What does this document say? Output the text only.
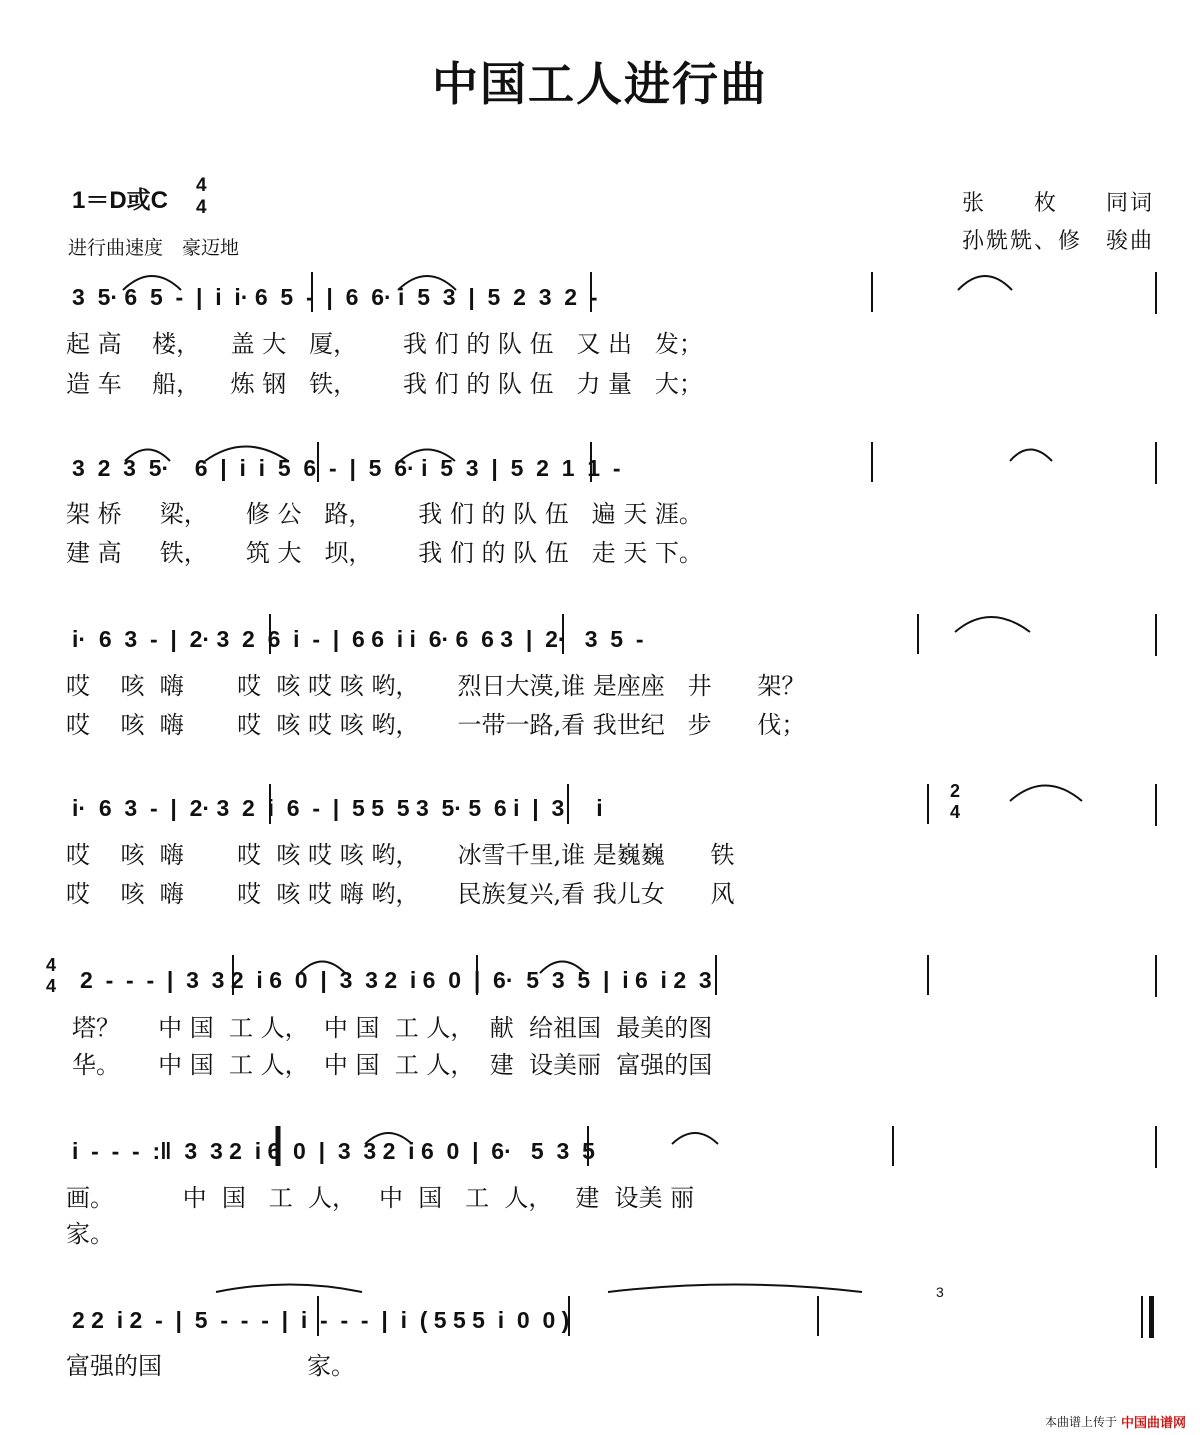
中国工人进行曲
1＝D或C
4
4
进行曲速度　豪迈地
张　　枚　　同词
孙兟兟、修　骏曲
3  5· 6  5  -  |  i  i· 6  5  -  |  6  6· i  5  3  |  5  2  3  2  -
起 高    楼，    盖 大   厦，      我 们 的 队 伍   又 出   发；
造 车    船，    炼 钢   铁，      我 们 的 队 伍   力 量   大；
3  2  3  5·    6  |  i  i  5  6  -  |  5  6· i  5  3  |  5  2  1  1  -
架 桥     梁，     修 公   路，      我 们 的 队 伍   遍 天 涯。
建 高     铁，     筑 大   坝，      我 们 的 队 伍   走 天 下。
i·  6  3  -  |  2· 3  2  6  i  -  |  6 6  i i  6· 6  6 3  |  2·   3  5  -
哎    咳  嗨       哎  咳 哎 咳 哟，     烈日大漠,谁 是座座   井      架？
哎    咳  嗨       哎  咳 哎 咳 哟，     一带一路,看 我世纪   步      伐；
i·  6  3  -  |  2· 3  2  i  6  -  |  5 5  5 3  5· 5  6 i  |  3     i
2
4
哎    咳  嗨       哎  咳 哎 咳 哟，     冰雪千里,谁 是巍巍      铁
哎    咳  嗨       哎  咳 哎 嗨 哟，     民族复兴,看 我儿女      风
4
4 2  -  -  -  |  3  3 2  i 6  0  |  3  3 2  i 6  0  |  6·  5  3  5  |  i 6  i 2  3
塔？     中 国  工 人，  中 国  工 人，  献  给祖国  最美的图
华。     中 国  工 人，  中 国  工 人，  建  设美丽  富强的国
i  -  -  -  :‖  3  3 2  i 6  0  |  3  3 2  i 6  0  |  6·   5  3  5
画。         中  国   工  人，   中  国   工  人，   建  设美 丽
家。
2 2  i 2  -  |  5  -  -  -  |  i  -  -  -  |  i  ( 5 5 5  i  0  0 )
富强的国                   家。
3
本曲谱上传于 中国曲谱网
